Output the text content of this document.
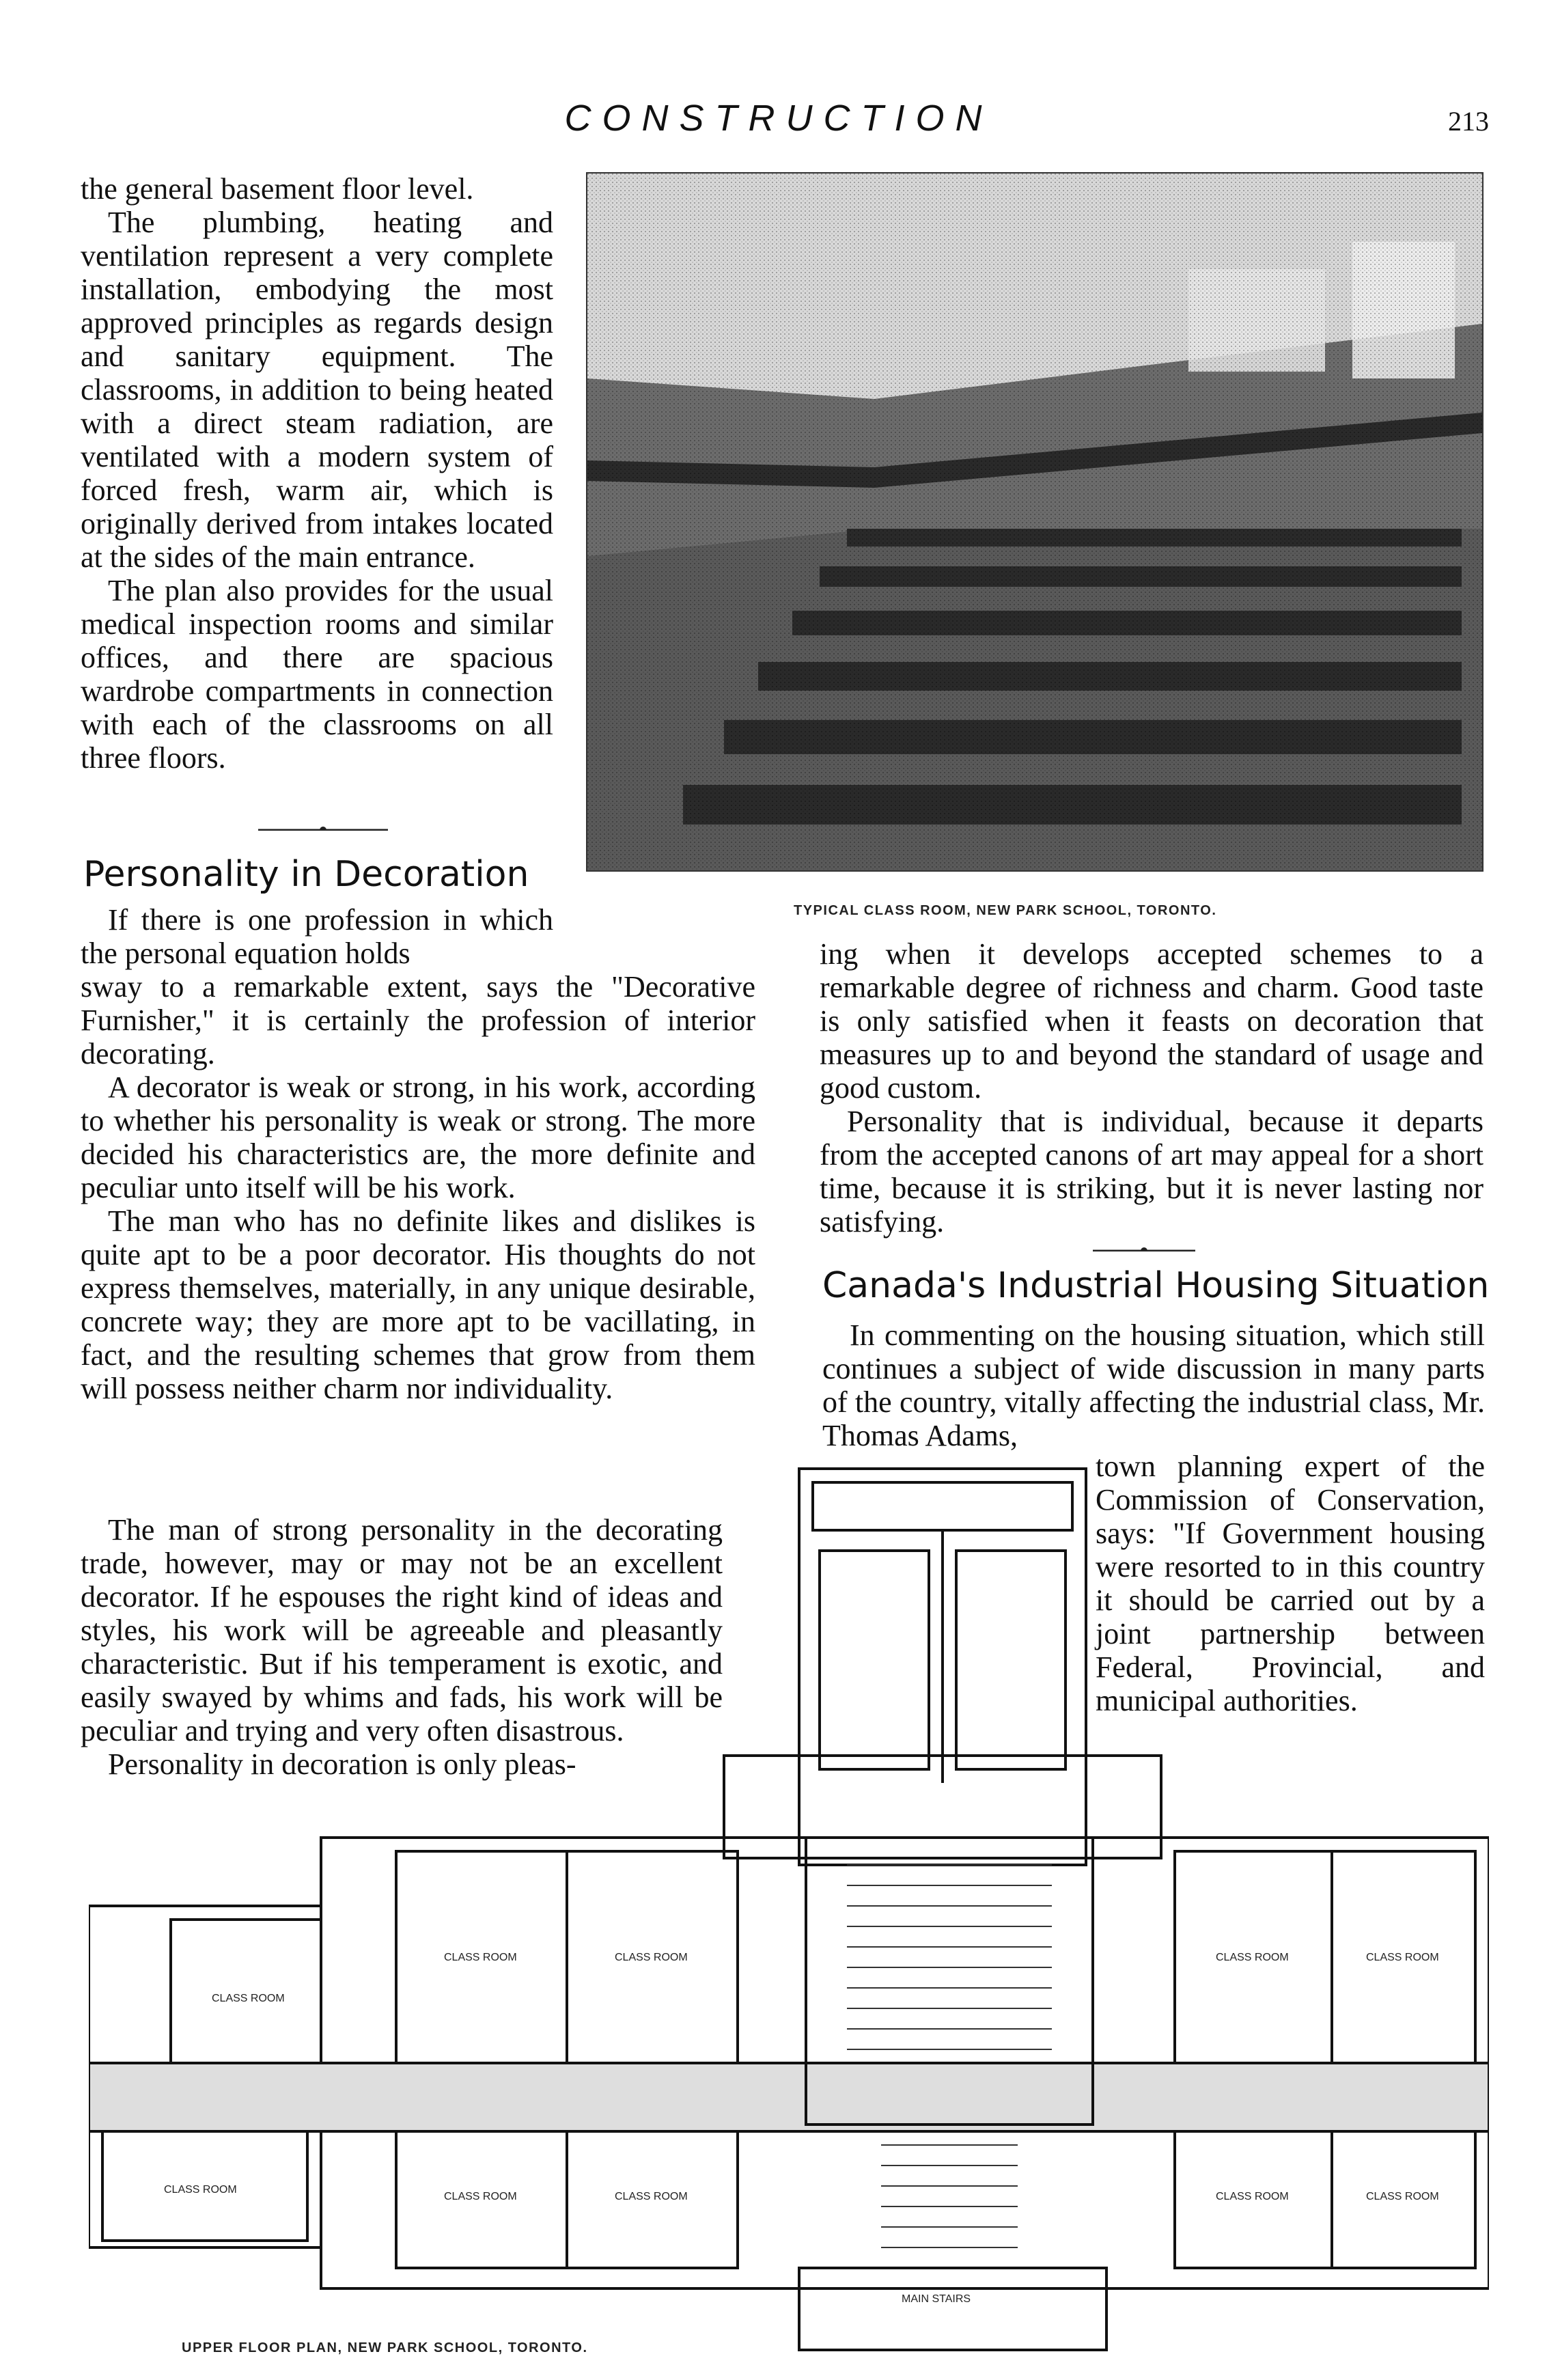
CONSTRUCTION	213

the general basement floor level.

The plumbing, heating and ventilation represent a very complete installation, embodying the most approved principles as regards design and sanitary equipment. The classrooms, in addition to being heated with a direct steam radiation, are ventilated with a modern system of forced fresh, warm air, which is originally derived from intakes located at the sides of the main entrance.

The plan also provides for the usual medical inspection rooms and similar offices, and there are spacious wardrobe compartments in connection with each of the classrooms on all three floors.

TYPICAL CLASS ROOM, NEW PARK SCHOOL, TORONTO.
Personality in Decoration

If there is one profession in which the personal equation holds

sway to a remarkable extent, says the "Decorative Furnisher," it is certainly the profession of interior decorating.

A decorator is weak or strong, in his work, according to whether his personality is weak or strong. The more decided his characteristics are, the more definite and peculiar unto itself will be his work.

The man who has no definite likes and dislikes is quite apt to be a poor decorator. His thoughts do not express themselves, materially, in any unique desirable, concrete way; they are more apt to be vacillating, in fact, and the resulting schemes that grow from them will possess neither charm nor individuality.

The man of strong personality in the decorating trade, however, may or may not be an excellent decorator. If he espouses the right kind of ideas and styles, his work will be agreeable and pleasantly characteristic. But if his temperament is exotic, and easily swayed by whims and fads, his work will be peculiar and trying and very often disastrous.

Personality in decoration is only pleas-

ing when it develops accepted schemes to a remarkable degree of richness and charm. Good taste is only satisfied when it feasts on decoration that measures up to and beyond the standard of usage and good custom.

Personality that is individual, because it departs from the accepted canons of art may appeal for a short time, because it is striking, but it is never lasting nor satisfying.

Canada's Industrial Housing Situation

In commenting on the housing situation, which still continues a subject of wide discussion in many parts of the country, vitally affecting the industrial class, Mr. Thomas Adams,

town planning expert of the Commission of Conservation, says: "If Government housing were resorted to in this country it should be carried out by a joint partnership between Federal, Provincial, and municipal authorities.

CLASS ROOM
CLASS ROOM	CLASS ROOM	CLASS ROOM	CLASS ROOM
CLASS ROOM
CLASS ROOM	CLASS ROOM	CLASS ROOM	CLASS ROOM
MAIN STAIRS
UPPER FLOOR PLAN, NEW PARK SCHOOL, TORONTO.
